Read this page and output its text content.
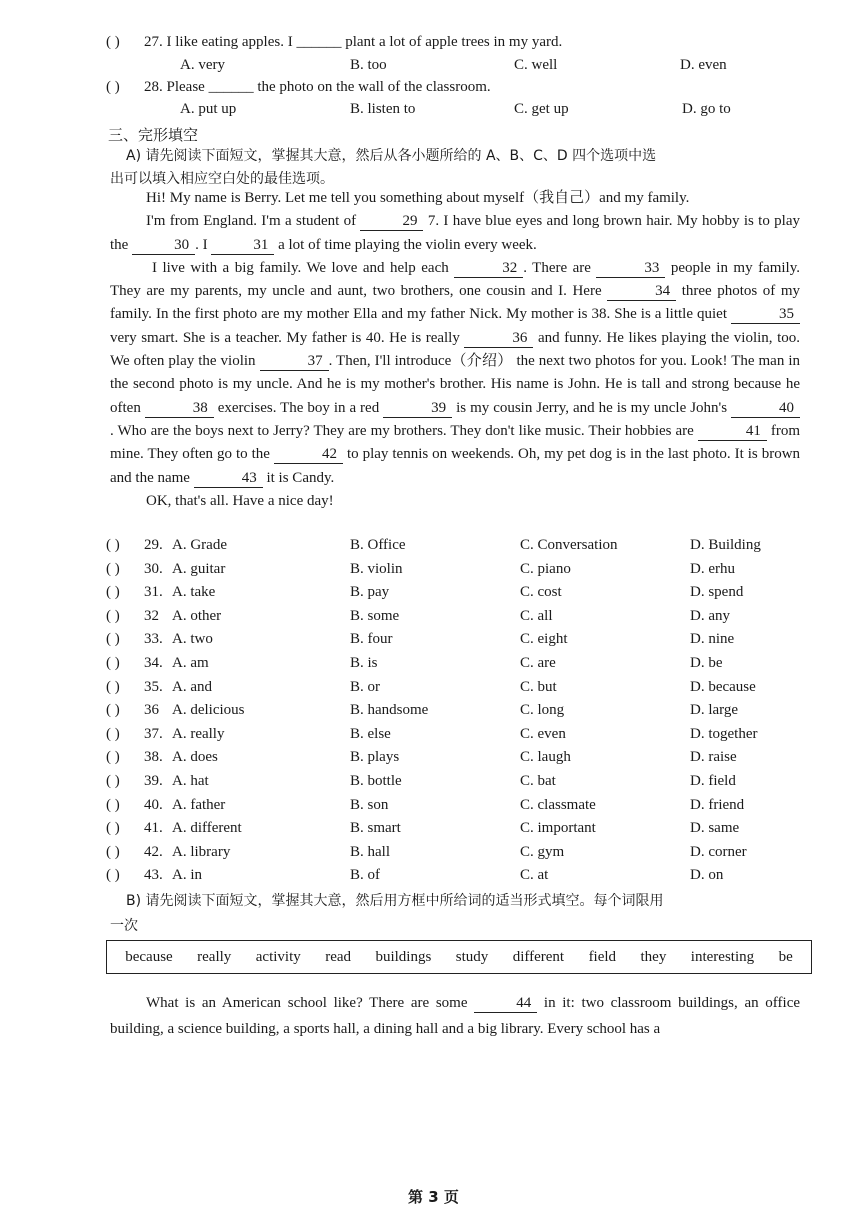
( ) 27. I like eating apples. I ______ plant a lot of apple trees in my yard.
A. very	B. too	C. well	D. even
( ) 28. Please ______ the photo on the wall of the classroom.
A. put up	B. listen to	C. get up	D. go to
三、完形填空
A) 请先阅读下面短文，掌握其大意，然后从各小题所给的 A、B、C、D 四个选项中选
出可以填入相应空白处的最佳选项。

Hi! My name is Berry. Let me tell you something about myself（我自己）and my family.

I'm from England. I'm a student of	29 7. I have blue eyes and long brown hair. My hobby is to play the	30 . I	31 a lot of time playing the violin every week.

I live with a big family. We love and help each	32 . There are	33 people in my family. They are my parents, my uncle and aunt, two brothers, one cousin and I. Here	34 three photos of my family. In the first photo are my mother Ella and my father Nick. My mother is 38. She is a little quiet	35 very smart. She is a teacher. My father is 40. He is really	36 and funny. He likes playing the violin, too. We often play the violin	37 . Then, I'll introduce（介绍） the next two photos for you. Look! The man in the second photo is my uncle. And he is my mother's brother. His name is John. He is tall and strong because he often	38 exercises. The boy in a red	39 is my cousin Jerry, and he is my uncle John's	40. Who are the boys next to Jerry? They are my brothers. They don't like music. Their hobbies are	41 from mine. They often go to the	42 to play tennis on weekends. Oh, my pet dog is in the last photo. It is brown and the name	43 it is Candy.

OK, that's all. Have a nice day!

( ) 29. A. Grade	B. Office	C. Conversation	D. Building
( ) 30. A. guitar	B. violin	C. piano	D. erhu
( ) 31. A. take	B. pay	C. cost	D. spend
( ) 32 A. other	B. some	C. all	D. any
( ) 33. A. two	B. four	C. eight	D. nine
( ) 34. A. am	B. is	C. are	D. be
( ) 35. A. and	B. or	C. but	D. because
( ) 36 A. delicious	B. handsome	C. long	D. large
( ) 37. A. really	B. else	C. even	D. together
( ) 38. A. does	B. plays	C. laugh	D. raise
( ) 39. A. hat	B. bottle	C. bat	D. field
( ) 40. A. father	B. son	C. classmate	D. friend
( ) 41. A. different	B. smart	C. important	D. same
( ) 42. A. library	B. hall	C. gym	D. corner
( ) 43. A. in	B. of	C. at	D. on
B) 请先阅读下面短文，掌握其大意，然后用方框中所给词的适当形式填空。每个词限用
一次
because really activity read buildings study different field they interesting be

What is an American school like? There are some	44 in it: two classroom buildings, an office building, a science building, a sports hall, a dining hall and a big library. Every school has a

第 3 页
